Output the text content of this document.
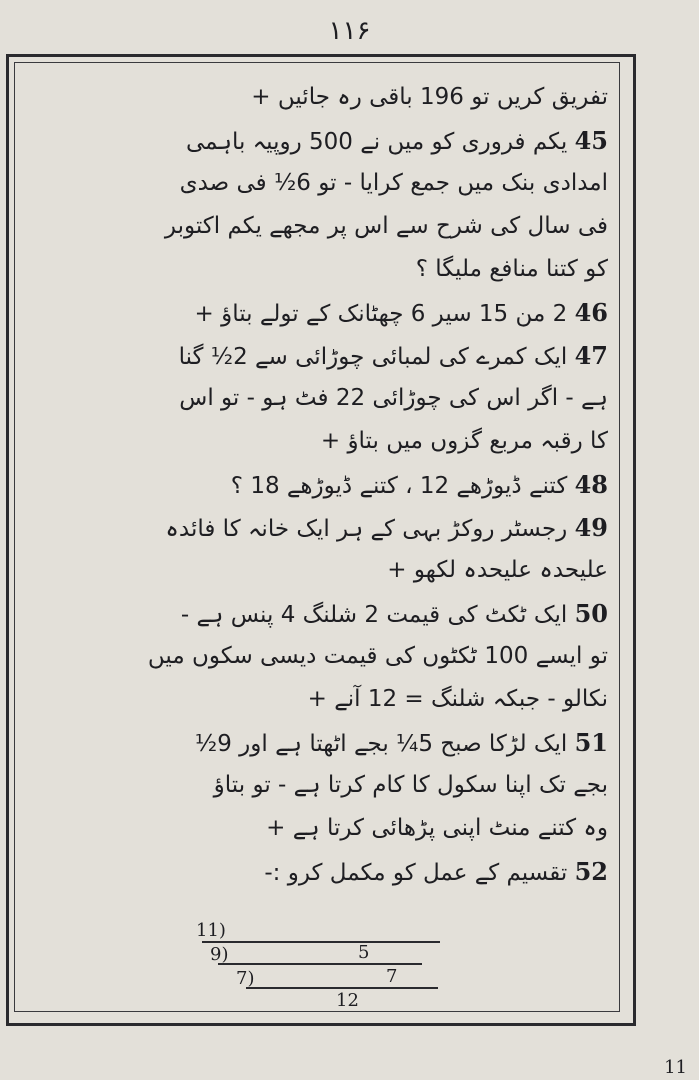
۱۱۶
تفریق کریں تو 196 باقی رہ جائیں +
45 یکم فروری کو میں نے 500 روپیہ باہمی
امدادی بنک میں جمع کرایا - تو 6½ فی صدی
فی سال کی شرح سے اس پر مجھے یکم اکتوبر
کو کتنا منافع ملیگا ؟
46 2 من 15 سیر 6 چھٹانک کے تولے بتاؤ +
47 ایک کمرے کی لمبائی چوڑائی سے 2½ گنا
ہے - اگر اس کی چوڑائی 22 فٹ ہو - تو اس
کا رقبہ مربع گزوں میں بتاؤ +
48 کتنے ڈیوڑھے 12 ، کتنے ڈیوڑھے 18 ؟
49 رجسٹر روکڑ بہی کے ہر ایک خانہ کا فائدہ
علیحدہ علیحدہ لکھو +
50 ایک ٹکٹ کی قیمت 2 شلنگ 4 پنس ہے -
تو ایسے 100 ٹکٹوں کی قیمت دیسی سکوں میں
نکالو - جبکہ شلنگ = 12 آنے +
51 ایک لڑکا صبح 5¼ بجے اٹھتا ہے اور 9½
بجے تک اپنا سکول کا کام کرتا ہے - تو بتاؤ
وہ کتنے منٹ اپنی پڑھائی کرتا ہے +
52 تقسیم کے عمل کو مکمل کرو :-
11)
9)	5
7)	7
12
11
